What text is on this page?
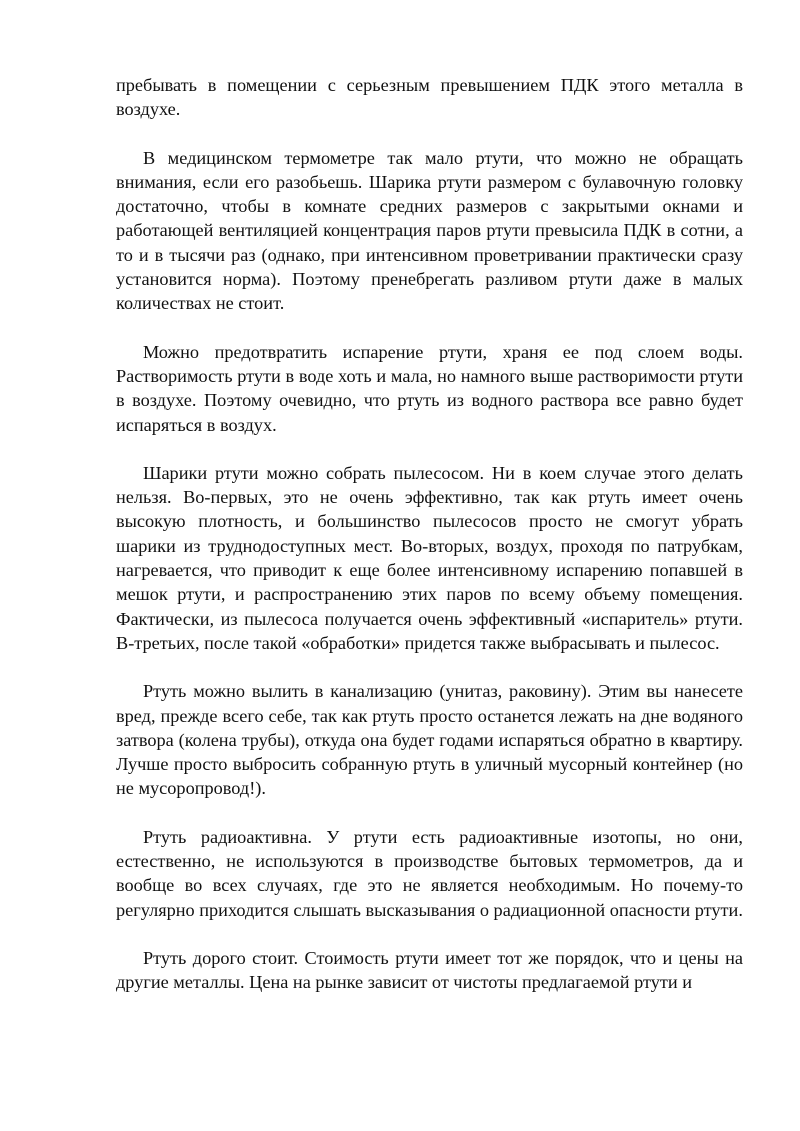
пребывать в помещении с серьезным превышением ПДК этого металла в воздухе.

В медицинском термометре так мало ртути, что можно не обращать внимания, если его разобьешь. Шарика ртути размером с булавочную головку достаточно, чтобы в комнате средних размеров с закрытыми окнами и работающей вентиляцией концентрация паров ртути превысила ПДК в сотни, а то и в тысячи раз (однако, при интенсивном проветривании практически сразу установится норма). Поэтому пренебрегать разливом ртути даже в малых количествах не стоит.

Можно предотвратить испарение ртути, храня ее под слоем воды. Растворимость ртути в воде хоть и мала, но намного выше растворимости ртути в воздухе. Поэтому очевидно, что ртуть из водного раствора все равно будет испаряться в воздух.

Шарики ртути можно собрать пылесосом. Ни в коем случае этого делать нельзя. Во-первых, это не очень эффективно, так как ртуть имеет очень высокую плотность, и большинство пылесосов просто не смогут убрать шарики из труднодоступных мест. Во-вторых, воздух, проходя по патрубкам, нагревается, что приводит к еще более интенсивному испарению попавшей в мешок ртути, и распространению этих паров по всему объему помещения. Фактически, из пылесоса получается очень эффективный «испаритель» ртути. В-третьих, после такой «обработки» придется также выбрасывать и пылесос.

Ртуть можно вылить в канализацию (унитаз, раковину). Этим вы нанесете вред, прежде всего себе, так как ртуть просто останется лежать на дне водяного затвора (колена трубы), откуда она будет годами испаряться обратно в квартиру. Лучше просто выбросить собранную ртуть в уличный мусорный контейнер (но не мусоропровод!).

Ртуть радиоактивна. У ртути есть радиоактивные изотопы, но они, естественно, не используются в производстве бытовых термометров, да и вообще во всех случаях, где это не является необходимым. Но почему-то регулярно приходится слышать высказывания о радиационной опасности ртути.

Ртуть дорого стоит. Стоимость ртути имеет тот же порядок, что и цены на другие металлы. Цена на рынке зависит от чистоты предлагаемой ртути и
